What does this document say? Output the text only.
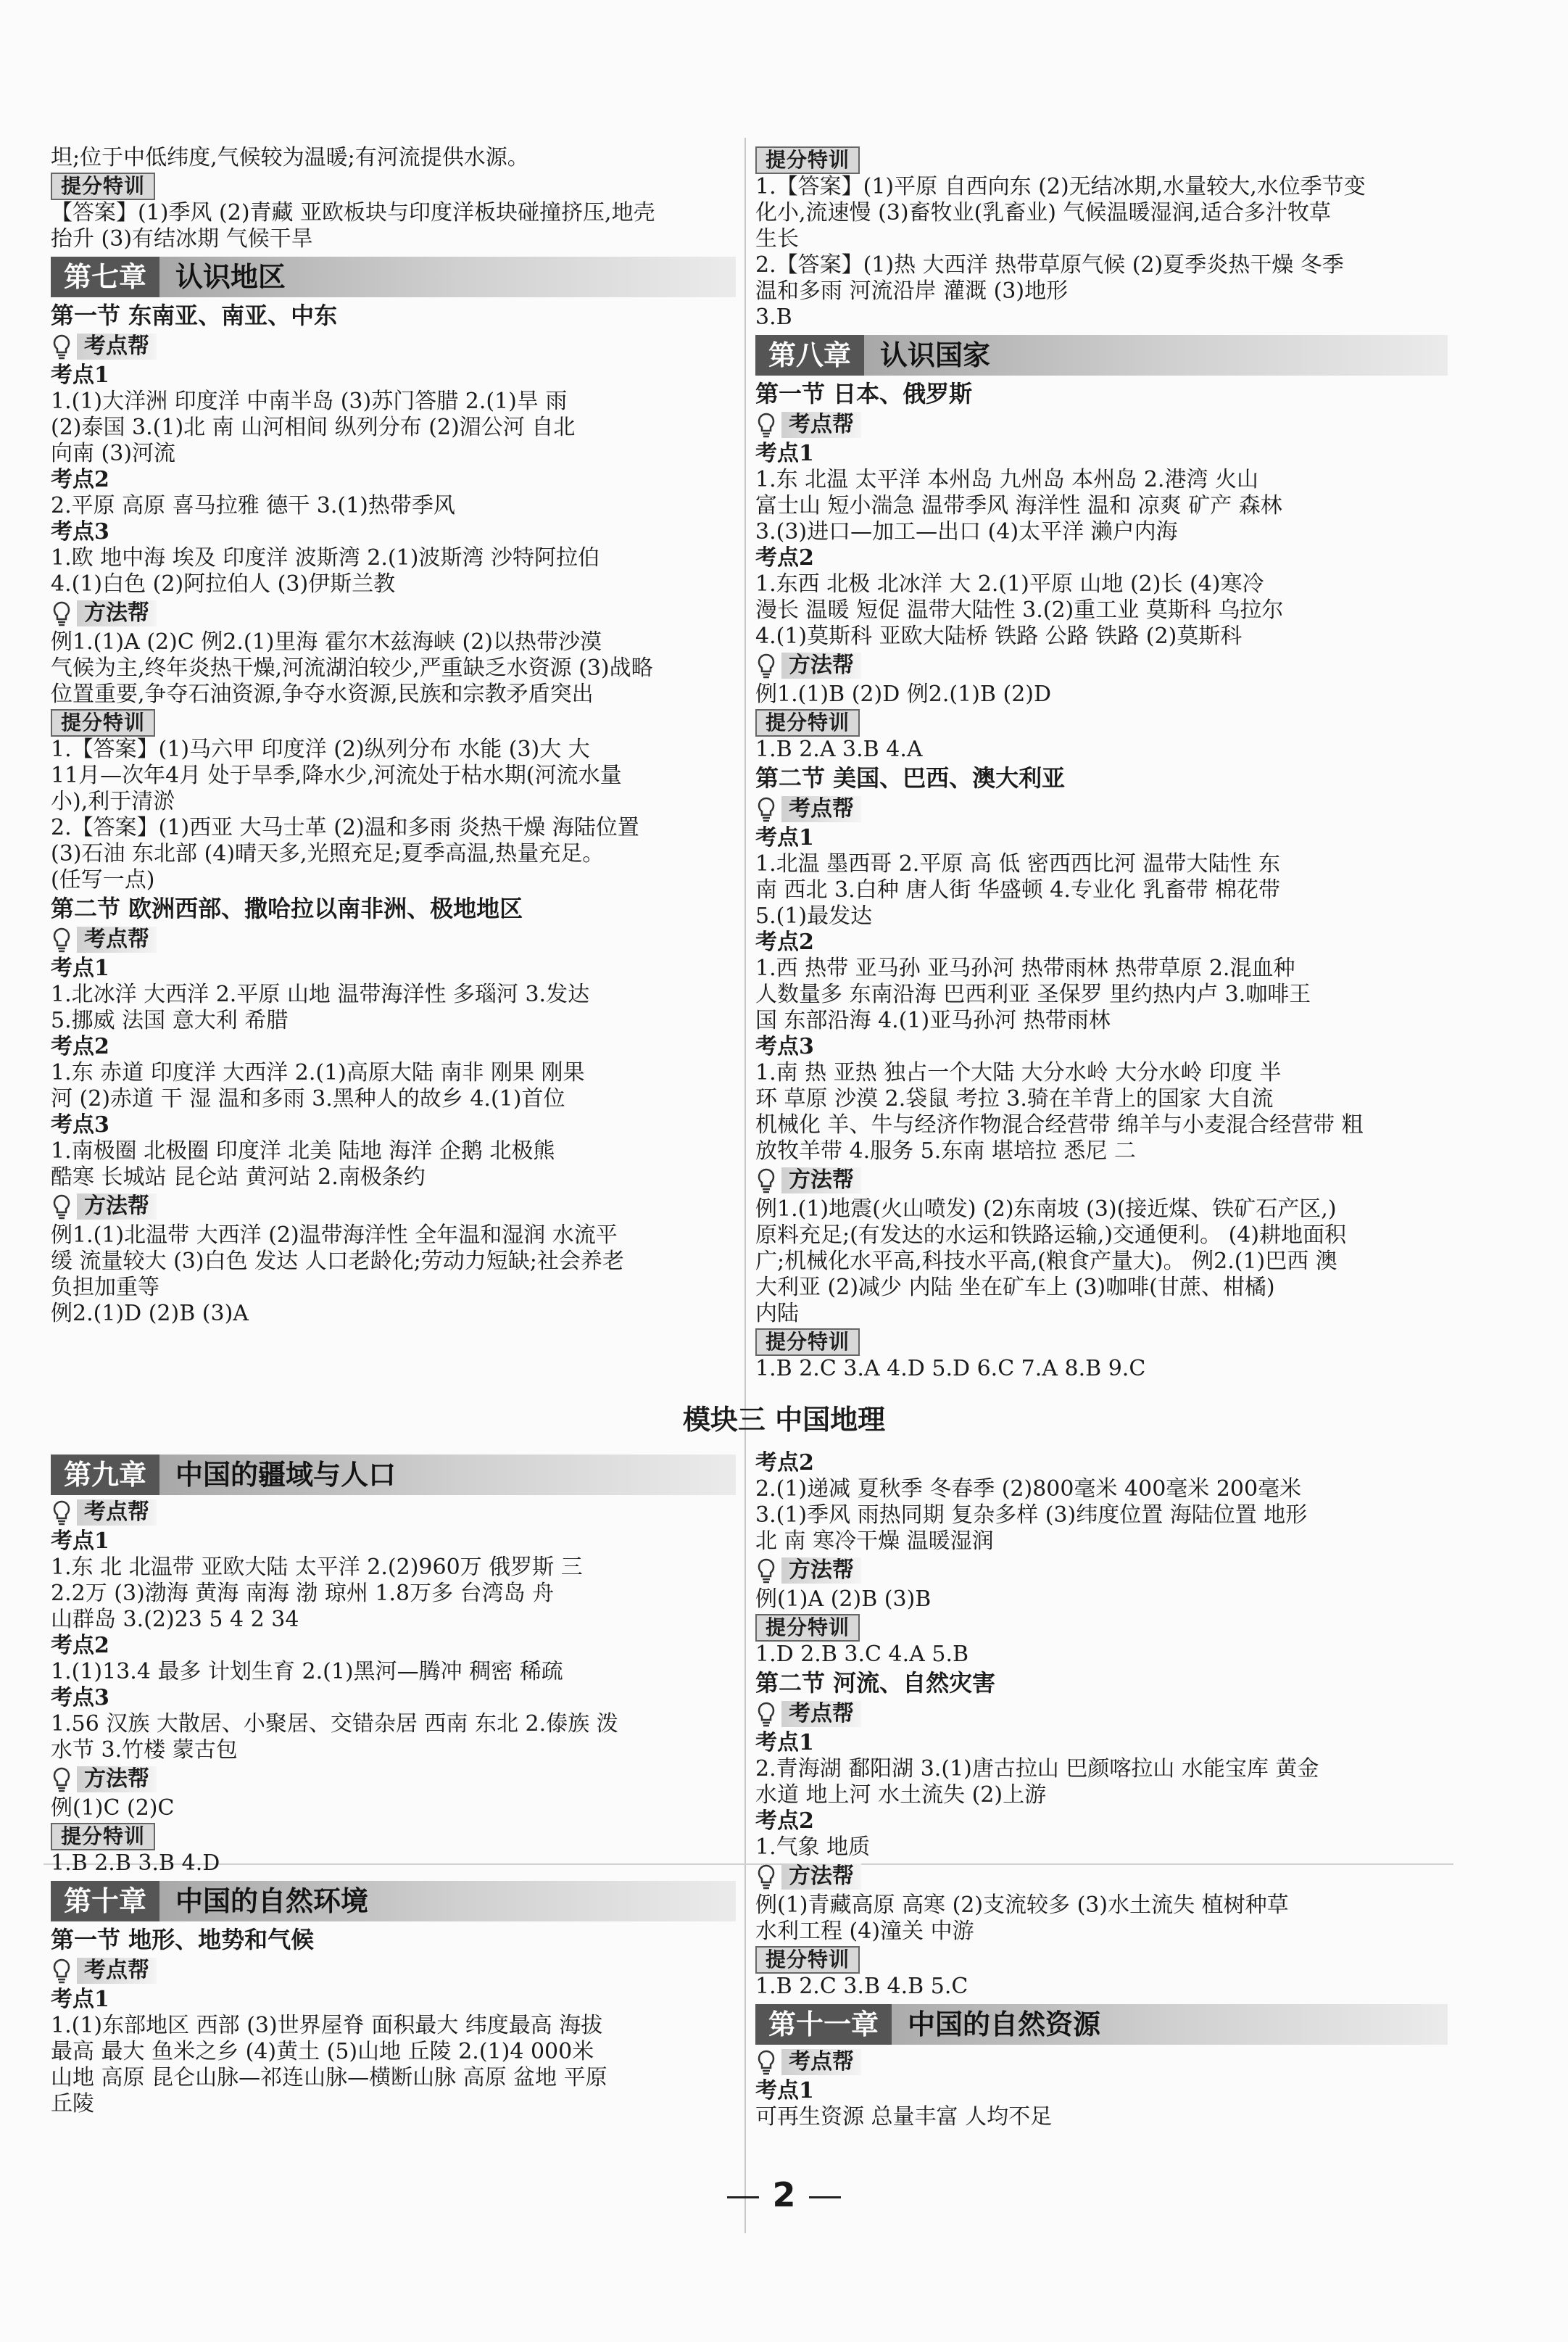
坦;位于中低纬度,气候较为温暖;有河流提供水源。
提分特训

【答案】(1)季风 (2)青藏 亚欧板块与印度洋板块碰撞挤压,地壳
抬升 (3)有结冰期 气候干旱
第七章 认识地区
第一节 东南亚、南亚、中东
考点帮
考点1
1.(1)大洋洲 印度洋 中南半岛 (3)苏门答腊 2.(1)旱 雨
(2)泰国 3.(1)北 南 山河相间 纵列分布 (2)湄公河 自北
向南 (3)河流
考点2
2.平原 高原 喜马拉雅 德干 3.(1)热带季风
考点3
1.欧 地中海 埃及 印度洋 波斯湾 2.(1)波斯湾 沙特阿拉伯
4.(1)白色 (2)阿拉伯人 (3)伊斯兰教
方法帮
例1.(1)A (2)C 例2.(1)里海 霍尔木兹海峡 (2)以热带沙漠
气候为主,终年炎热干燥,河流湖泊较少,严重缺乏水资源 (3)战略
位置重要,争夺石油资源,争夺水资源,民族和宗教矛盾突出
提分特训

1.【答案】(1)马六甲 印度洋 (2)纵列分布 水能 (3)大 大
11月—次年4月 处于旱季,降水少,河流处于枯水期(河流水量
小),利于清淤
2.【答案】(1)西亚 大马士革 (2)温和多雨 炎热干燥 海陆位置
(3)石油 东北部 (4)晴天多,光照充足;夏季高温,热量充足。
(任写一点)
第二节 欧洲西部、撒哈拉以南非洲、极地地区
考点帮
考点1
1.北冰洋 大西洋 2.平原 山地 温带海洋性 多瑙河 3.发达
5.挪威 法国 意大利 希腊
考点2
1.东 赤道 印度洋 大西洋 2.(1)高原大陆 南非 刚果 刚果
河 (2)赤道 干 湿 温和多雨 3.黑种人的故乡 4.(1)首位
考点3
1.南极圈 北极圈 印度洋 北美 陆地 海洋 企鹅 北极熊
酷寒 长城站 昆仑站 黄河站 2.南极条约
方法帮
例1.(1)北温带 大西洋 (2)温带海洋性 全年温和湿润 水流平
缓 流量较大 (3)白色 发达 人口老龄化;劳动力短缺;社会养老
负担加重等
例2.(1)D (2)B (3)A
提分特训

1.【答案】(1)平原 自西向东 (2)无结冰期,水量较大,水位季节变
化小,流速慢 (3)畜牧业(乳畜业) 气候温暖湿润,适合多汁牧草
生长
2.【答案】(1)热 大西洋 热带草原气候 (2)夏季炎热干燥 冬季
温和多雨 河流沿岸 灌溉 (3)地形
3.B
第八章 认识国家
第一节 日本、俄罗斯
考点帮
考点1
1.东 北温 太平洋 本州岛 九州岛 本州岛 2.港湾 火山
富士山 短小湍急 温带季风 海洋性 温和 凉爽 矿产 森林
3.(3)进口—加工—出口 (4)太平洋 濑户内海
考点2
1.东西 北极 北冰洋 大 2.(1)平原 山地 (2)长 (4)寒冷
漫长 温暖 短促 温带大陆性 3.(2)重工业 莫斯科 乌拉尔
4.(1)莫斯科 亚欧大陆桥 铁路 公路 铁路 (2)莫斯科
方法帮
例1.(1)B (2)D 例2.(1)B (2)D
提分特训

1.B 2.A 3.B 4.A
第二节 美国、巴西、澳大利亚
考点帮
考点1
1.北温 墨西哥 2.平原 高 低 密西西比河 温带大陆性 东
南 西北 3.白种 唐人街 华盛顿 4.专业化 乳畜带 棉花带
5.(1)最发达
考点2
1.西 热带 亚马孙 亚马孙河 热带雨林 热带草原 2.混血种
人数量多 东南沿海 巴西利亚 圣保罗 里约热内卢 3.咖啡王
国 东部沿海 4.(1)亚马孙河 热带雨林
考点3
1.南 热 亚热 独占一个大陆 大分水岭 大分水岭 印度 半
环 草原 沙漠 2.袋鼠 考拉 3.骑在羊背上的国家 大自流
机械化 羊、牛与经济作物混合经营带 绵羊与小麦混合经营带 粗
放牧羊带 4.服务 5.东南 堪培拉 悉尼 二
方法帮
例1.(1)地震(火山喷发) (2)东南坡 (3)(接近煤、铁矿石产区,)
原料充足;(有发达的水运和铁路运输,)交通便利。 (4)耕地面积
广;机械化水平高,科技水平高,(粮食产量大)。 例2.(1)巴西 澳
大利亚 (2)减少 内陆 坐在矿车上 (3)咖啡(甘蔗、柑橘)
内陆
提分特训

1.B 2.C 3.A 4.D 5.D 6.C 7.A 8.B 9.C
模块三 中国地理
第九章 中国的疆域与人口
考点帮
考点1
1.东 北 北温带 亚欧大陆 太平洋 2.(2)960万 俄罗斯 三
2.2万 (3)渤海 黄海 南海 渤 琼州 1.8万多 台湾岛 舟
山群岛 3.(2)23 5 4 2 34
考点2
1.(1)13.4 最多 计划生育 2.(1)黑河—腾冲 稠密 稀疏
考点3
1.56 汉族 大散居、小聚居、交错杂居 西南 东北 2.傣族 泼
水节 3.竹楼 蒙古包
方法帮
例(1)C (2)C
提分特训

1.B 2.B 3.B 4.D
第十章 中国的自然环境
第一节 地形、地势和气候
考点帮
考点1
1.(1)东部地区 西部 (3)世界屋脊 面积最大 纬度最高 海拔
最高 最大 鱼米之乡 (4)黄土 (5)山地 丘陵 2.(1)4 000米
山地 高原 昆仑山脉—祁连山脉—横断山脉 高原 盆地 平原
丘陵
考点2
2.(1)递减 夏秋季 冬春季 (2)800毫米 400毫米 200毫米
3.(1)季风 雨热同期 复杂多样 (3)纬度位置 海陆位置 地形
北 南 寒冷干燥 温暖湿润
方法帮
例(1)A (2)B (3)B
提分特训

1.D 2.B 3.C 4.A 5.B
第二节 河流、自然灾害
考点帮
考点1
2.青海湖 鄱阳湖 3.(1)唐古拉山 巴颜喀拉山 水能宝库 黄金
水道 地上河 水土流失 (2)上游
考点2
1.气象 地质
方法帮
例(1)青藏高原 高寒 (2)支流较多 (3)水土流失 植树种草
水利工程 (4)潼关 中游
提分特训

1.B 2.C 3.B 4.B 5.C
第十一章 中国的自然资源
考点帮
考点1
可再生资源 总量丰富 人均不足
2
